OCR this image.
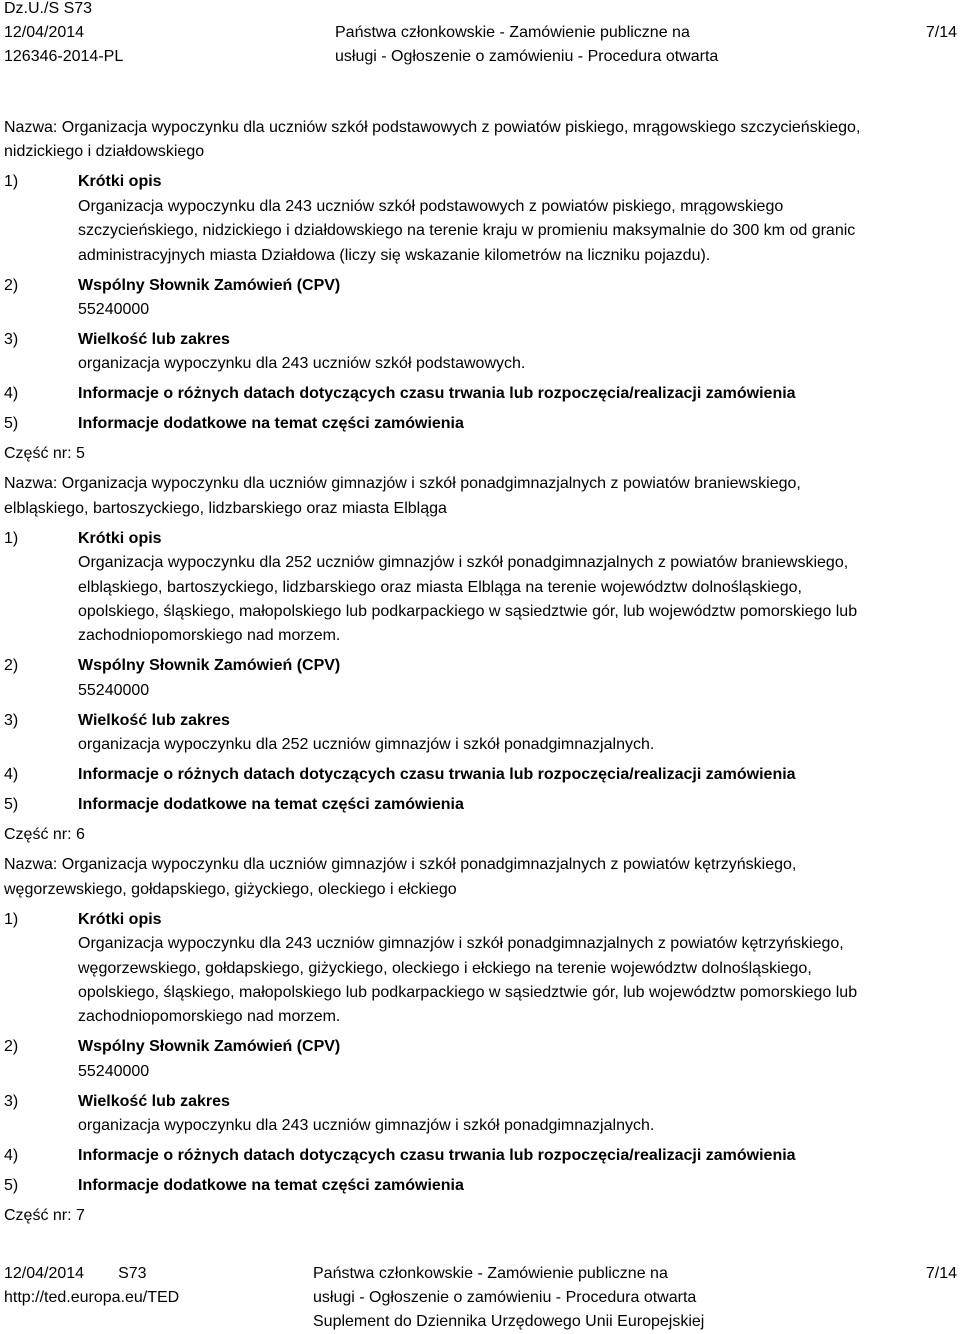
Dz.U./S S73
12/04/2014
126346-2014-PL
Państwa członkowskie - Zamówienie publiczne na
usługi - Ogłoszenie o zamówieniu - Procedura otwarta
7/14
Nazwa: Organizacja wypoczynku dla uczniów szkół podstawowych z powiatów piskiego, mrągowskiego szczycieńskiego,
nidzickiego i działdowskiego
1)	Krótki opis
Organizacja wypoczynku dla 243 uczniów szkół podstawowych z powiatów piskiego, mrągowskiego
szczycieńskiego, nidzickiego i działdowskiego na terenie kraju w promieniu maksymalnie do 300 km od granic
administracyjnych miasta Działdowa (liczy się wskazanie kilometrów na liczniku pojazdu).
2)	Wspólny Słownik Zamówień (CPV)
55240000
3)	Wielkość lub zakres
organizacja wypoczynku dla 243 uczniów szkół podstawowych.
4)	Informacje o różnych datach dotyczących czasu trwania lub rozpoczęcia/realizacji zamówienia
5)	Informacje dodatkowe na temat części zamówienia
Część nr: 5
Nazwa: Organizacja wypoczynku dla uczniów gimnazjów i szkół ponadgimnazjalnych z powiatów braniewskiego,
elbląskiego, bartoszyckiego, lidzbarskiego oraz miasta Elbląga
1)	Krótki opis
Organizacja wypoczynku dla 252 uczniów gimnazjów i szkół ponadgimnazjalnych z powiatów braniewskiego,
elbląskiego, bartoszyckiego, lidzbarskiego oraz miasta Elbląga na terenie województw dolnośląskiego,
opolskiego, śląskiego, małopolskiego lub podkarpackiego w sąsiedztwie gór, lub województw pomorskiego lub
zachodniopomorskiego nad morzem.
2)	Wspólny Słownik Zamówień (CPV)
55240000
3)	Wielkość lub zakres
organizacja wypoczynku dla 252 uczniów gimnazjów i szkół ponadgimnazjalnych.
4)	Informacje o różnych datach dotyczących czasu trwania lub rozpoczęcia/realizacji zamówienia
5)	Informacje dodatkowe na temat części zamówienia
Część nr: 6
Nazwa: Organizacja wypoczynku dla uczniów gimnazjów i szkół ponadgimnazjalnych z powiatów kętrzyńskiego,
węgorzewskiego, gołdapskiego, giżyckiego, oleckiego i ełckiego
1)	Krótki opis
Organizacja wypoczynku dla 243 uczniów gimnazjów i szkół ponadgimnazjalnych z powiatów kętrzyńskiego,
węgorzewskiego, gołdapskiego, giżyckiego, oleckiego i ełckiego na terenie województw dolnośląskiego,
opolskiego, śląskiego, małopolskiego lub podkarpackiego w sąsiedztwie gór, lub województw pomorskiego lub
zachodniopomorskiego nad morzem.
2)	Wspólny Słownik Zamówień (CPV)
55240000
3)	Wielkość lub zakres
organizacja wypoczynku dla 243 uczniów gimnazjów i szkół ponadgimnazjalnych.
4)	Informacje o różnych datach dotyczących czasu trwania lub rozpoczęcia/realizacji zamówienia
5)	Informacje dodatkowe na temat części zamówienia
Część nr: 7
12/04/2014 S73
http://ted.europa.eu/TED
Państwa członkowskie - Zamówienie publiczne na
usługi - Ogłoszenie o zamówieniu - Procedura otwarta
Suplement do Dziennika Urzędowego Unii Europejskiej
7/14
